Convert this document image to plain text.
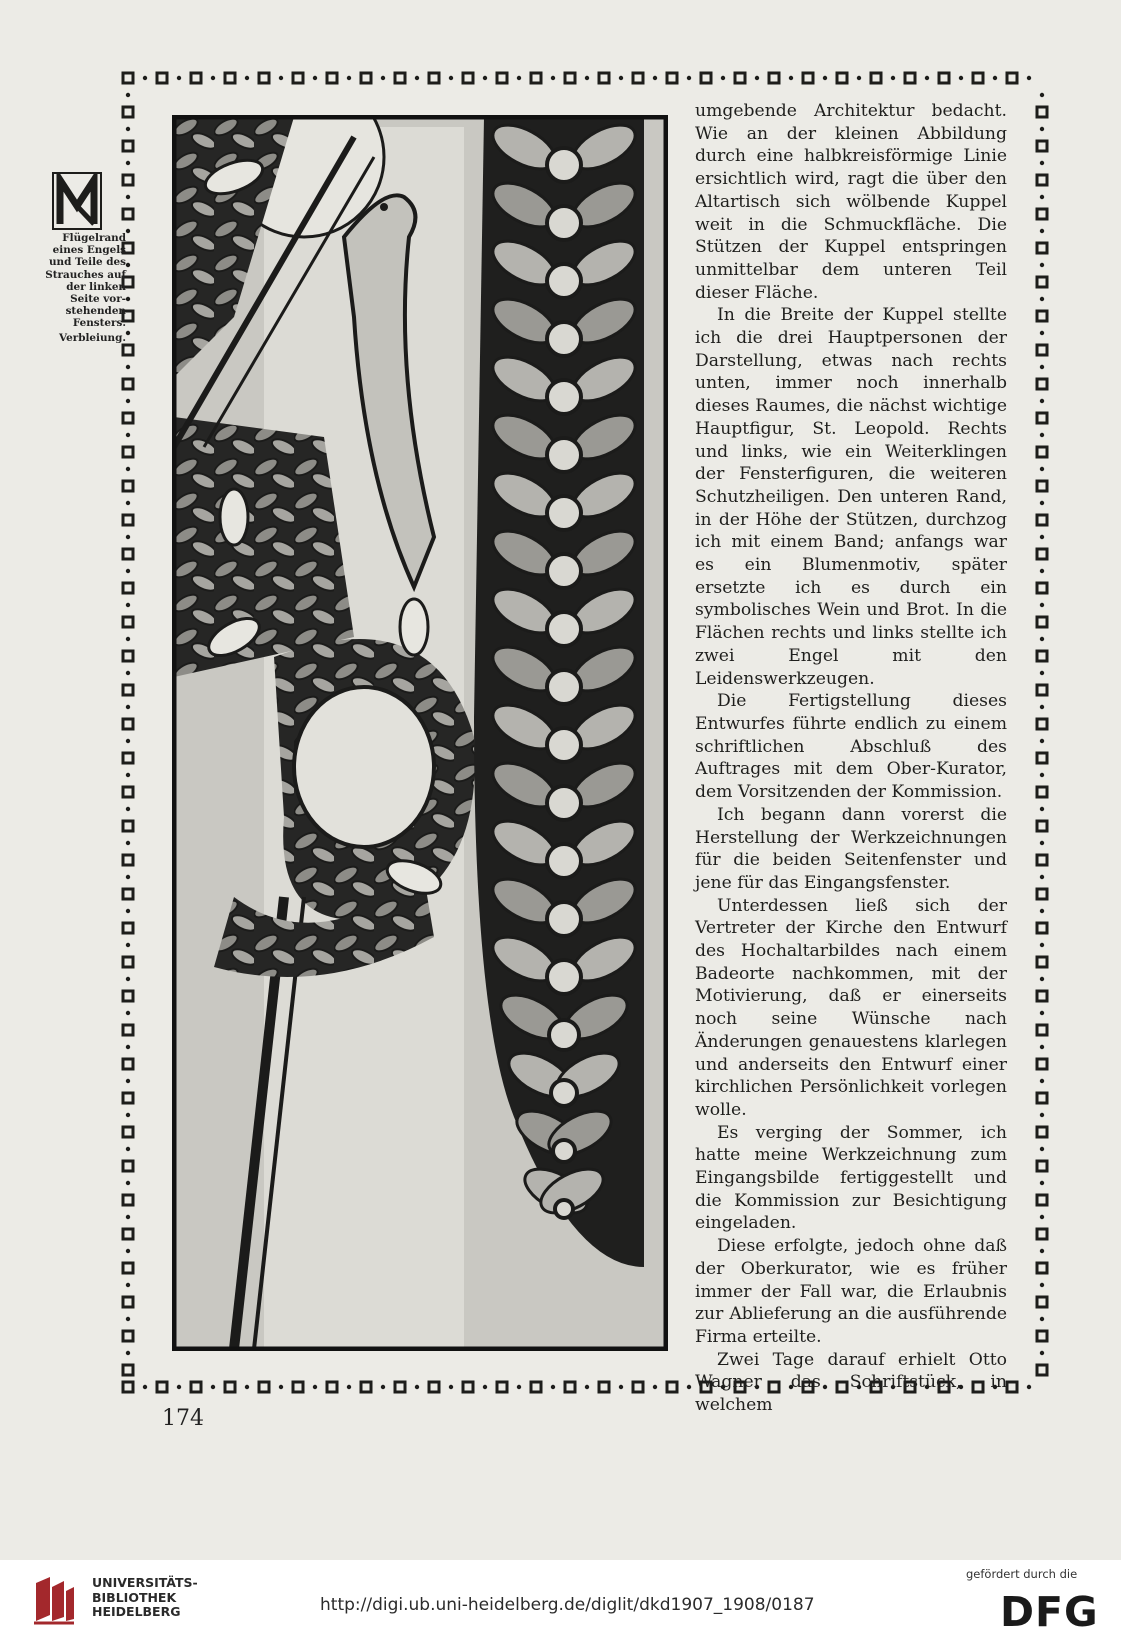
Flügelrand
eines Engels
und Teile des
Strauches auf
der linken
Seite vor-
stehenden
Fensters.
Verbleiung.

umgebende Architektur bedacht. Wie an der kleinen Abbildung durch eine halbkreisförmige Linie ersichtlich wird, ragt die über den Altartisch sich wölbende Kuppel weit in die Schmuckfläche. Die Stützen der Kuppel entspringen unmittelbar dem unteren Teil dieser Fläche.

In die Breite der Kuppel stellte ich die drei Hauptpersonen der Darstellung, etwas nach rechts unten, immer noch innerhalb dieses Raumes, die nächst wichtige Hauptfigur, St. Leopold. Rechts und links, wie ein Weiterklingen der Fensterfiguren, die weiteren Schutzheiligen. Den unteren Rand, in der Höhe der Stützen, durchzog ich mit einem Band; anfangs war es ein Blumenmotiv, später ersetzte ich es durch ein symbolisches Wein und Brot. In die Flächen rechts und links stellte ich zwei Engel mit den Leidenswerkzeugen.

Die Fertigstellung dieses Entwurfes führte endlich zu einem schriftlichen Abschluß des Auftrages mit dem Ober-Kurator, dem Vorsitzenden der Kommission.

Ich begann dann vorerst die Herstellung der Werkzeichnungen für die beiden Seitenfenster und jene für das Eingangsfenster.

Unterdessen ließ sich der Vertreter der Kirche den Entwurf des Hochaltarbildes nach einem Badeorte nachkommen, mit der Motivierung, daß er einerseits noch seine Wünsche nach Änderungen genauestens klarlegen und anderseits den Entwurf einer kirchlichen Persönlichkeit vorlegen wolle.

Es verging der Sommer, ich hatte meine Werkzeichnung zum Eingangsbilde fertiggestellt und die Kommission zur Besichtigung eingeladen.

Diese erfolgte, jedoch ohne daß der Oberkurator, wie es früher immer der Fall war, die Erlaubnis zur Ablieferung an die ausführende Firma erteilte.

Zwei Tage darauf erhielt Otto Wagner das Schriftstück, in welchem

174
UNIVERSITÄTS-
BIBLIOTHEK
HEIDELBERG	http://digi.ub.uni-heidelberg.de/diglit/dkd1907_1908/0187
gefördert durch die
DFG
